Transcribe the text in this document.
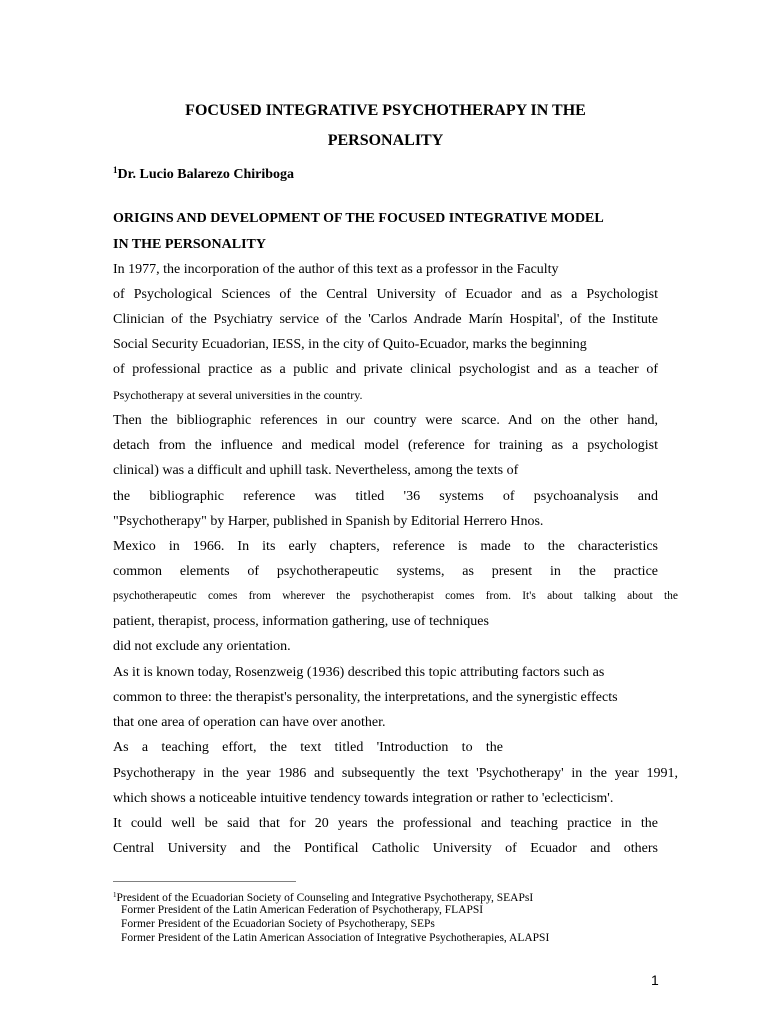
FOCUSED INTEGRATIVE PSYCHOTHERAPY IN THE
PERSONALITY
$^1$Dr. Lucio Balarezo Chiriboga
ORIGINS AND DEVELOPMENT OF THE FOCUSED INTEGRATIVE MODEL
IN THE PERSONALITY
In 1977, the incorporation of the author of this text as a professor in the Faculty
of Psychological Sciences of the Central University of Ecuador and as a Psychologist
Clinician of the Psychiatry service of the 'Carlos Andrade Marín Hospital', of the Institute
Social Security Ecuadorian, IESS, in the city of Quito-Ecuador, marks the beginning
of professional practice as a public and private clinical psychologist and as a teacher of
Psychotherapy at several universities in the country.
Then the bibliographic references in our country were scarce. And on the other hand,
detach from the influence and medical model (reference for training as a psychologist
clinical) was a difficult and uphill task. Nevertheless, among the texts of
the bibliographic reference was titled '36 systems of psychoanalysis and
"Psychotherapy" by Harper, published in Spanish by Editorial Herrero Hnos.
Mexico in 1966. In its early chapters, reference is made to the characteristics
common elements of psychotherapeutic systems, as present in the practice
psychotherapeutic comes from wherever the psychotherapist comes from. It's about talking about the
patient, therapist, process, information gathering, use of techniques
did not exclude any orientation.
As it is known today, Rosenzweig (1936) described this topic attributing factors such as
common to three: the therapist's personality, the interpretations, and the synergistic effects
that one area of operation can have over another.
As a teaching effort, the text titled 'Introduction to the
Psychotherapy in the year 1986 and subsequently the text 'Psychotherapy' in the year 1991,
which shows a noticeable intuitive tendency towards integration or rather to 'eclecticism'.
It could well be said that for 20 years the professional and teaching practice in the
Central University and the Pontifical Catholic University of Ecuador and others
$^1$President of the Ecuadorian Society of Counseling and Integrative Psychotherapy, SEAPsI
Former President of the Latin American Federation of Psychotherapy, FLAPSI
Former President of the Ecuadorian Society of Psychotherapy, SEPs
Former President of the Latin American Association of Integrative Psychotherapies, ALAPSI
1
